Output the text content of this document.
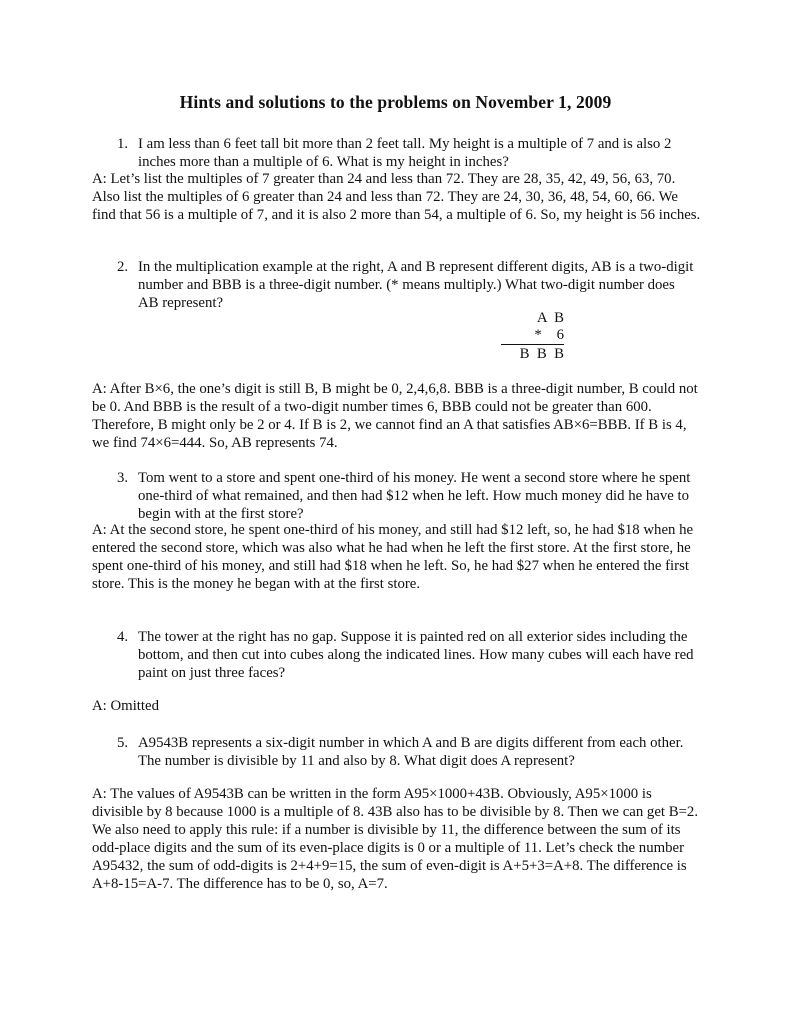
Hints and solutions to the problems on November 1, 2009
1. I am less than 6 feet tall bit more than 2 feet tall. My height is a multiple of 7 and is also 2 inches more than a multiple of 6. What is my height in inches?
A: Let’s list the multiples of 7 greater than 24 and less than 72. They are 28, 35, 42, 49, 56, 63, 70. Also list the multiples of 6 greater than 24 and less than 72. They are 24, 30, 36, 48, 54, 60, 66. We find that 56 is a multiple of 7, and it is also 2 more than 54, a multiple of 6. So, my height is 56 inches.
2. In the multiplication example at the right, A and B represent different digits, AB is a two-digit number and BBB is a three-digit number. (* means multiply.) What two-digit number does AB represent?
A  B
*    6
B  B  B
A: After B×6, the one’s digit is still B, B might be 0, 2,4,6,8. BBB is a three-digit number, B could not be 0. And BBB is the result of a two-digit number times 6, BBB could not be greater than 600. Therefore, B might only be 2 or 4. If B is 2, we cannot find an A that satisfies AB×6=BBB. If B is 4, we find 74×6=444. So, AB represents 74.
3. Tom went to a store and spent one-third of his money. He went a second store where he spent one-third of what remained, and then had $12 when he left. How much money did he have to begin with at the first store?
A: At the second store, he spent one-third of his money, and still had $12 left, so, he had $18 when he entered the second store, which was also what he had when he left the first store. At the first store, he spent one-third of his money, and still had $18 when he left. So, he had $27 when he entered the first store. This is the money he began with at the first store.
4. The tower at the right has no gap. Suppose it is painted red on all exterior sides including the bottom, and then cut into cubes along the indicated lines. How many cubes will each have red paint on just three faces?
A: Omitted
5. A9543B represents a six-digit number in which A and B are digits different from each other. The number is divisible by 11 and also by 8. What digit does A represent?
A: The values of A9543B can be written in the form A95×1000+43B. Obviously, A95×1000 is divisible by 8 because 1000 is a multiple of 8. 43B also has to be divisible by 8. Then we can get B=2. We also need to apply this rule: if a number is divisible by 11, the difference between the sum of its odd-place digits and the sum of its even-place digits is 0 or a multiple of 11. Let’s check the number A95432, the sum of odd-digits is 2+4+9=15, the sum of even-digit is A+5+3=A+8. The difference is A+8-15=A-7. The difference has to be 0, so, A=7.
